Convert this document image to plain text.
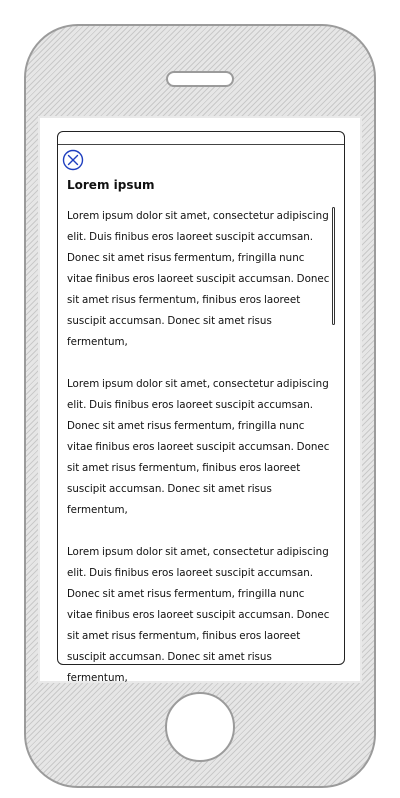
Lorem ipsum

Lorem ipsum dolor sit amet, consectetur adipiscing elit. Duis finibus eros laoreet suscipit accumsan. Donec sit amet risus fermentum, fringilla nunc vitae finibus eros laoreet suscipit accumsan. Donec sit amet risus fermentum, finibus eros laoreet suscipit accumsan. Donec sit amet risus fermentum,

Lorem ipsum dolor sit amet, consectetur adipiscing elit. Duis finibus eros laoreet suscipit accumsan. Donec sit amet risus fermentum, fringilla nunc vitae finibus eros laoreet suscipit accumsan. Donec sit amet risus fermentum, finibus eros laoreet suscipit accumsan. Donec sit amet risus fermentum,

Lorem ipsum dolor sit amet, consectetur adipiscing elit. Duis finibus eros laoreet suscipit accumsan. Donec sit amet risus fermentum, fringilla nunc vitae finibus eros laoreet suscipit accumsan. Donec sit amet risus fermentum, finibus eros laoreet suscipit accumsan. Donec sit amet risus fermentum,
